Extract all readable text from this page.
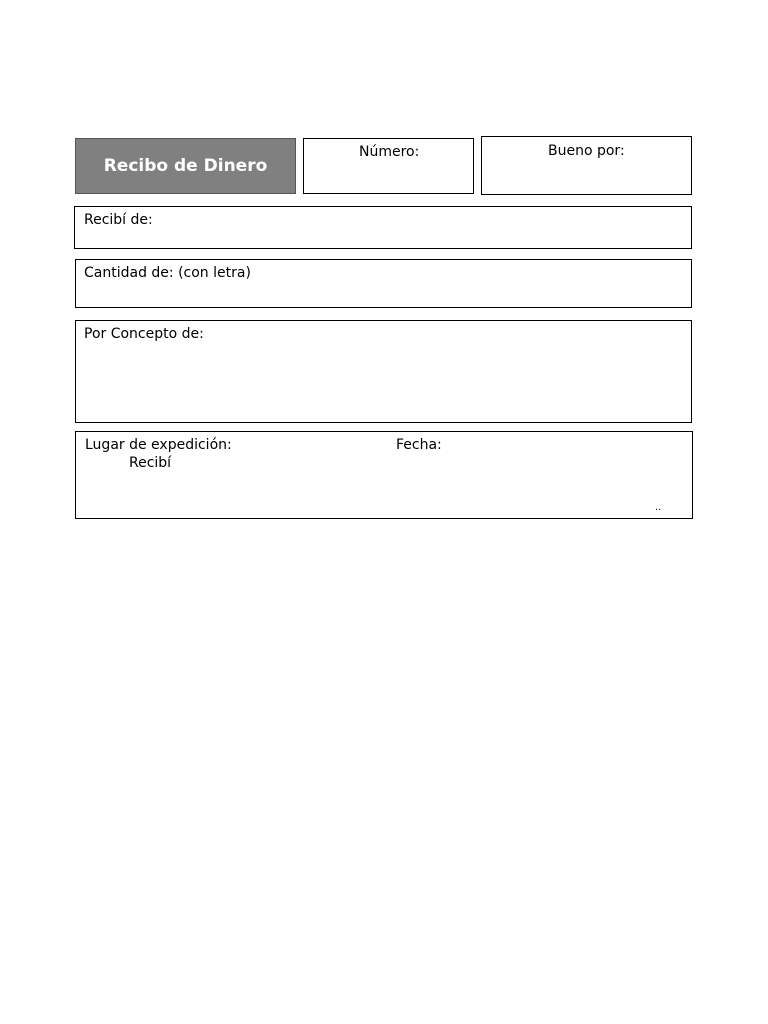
Recibo de Dinero
Número:	Bueno por:
Recibí de:
Cantidad de: (con letra)
Por Concepto de:
Lugar de expedición:	Fecha:
Recibí
..
